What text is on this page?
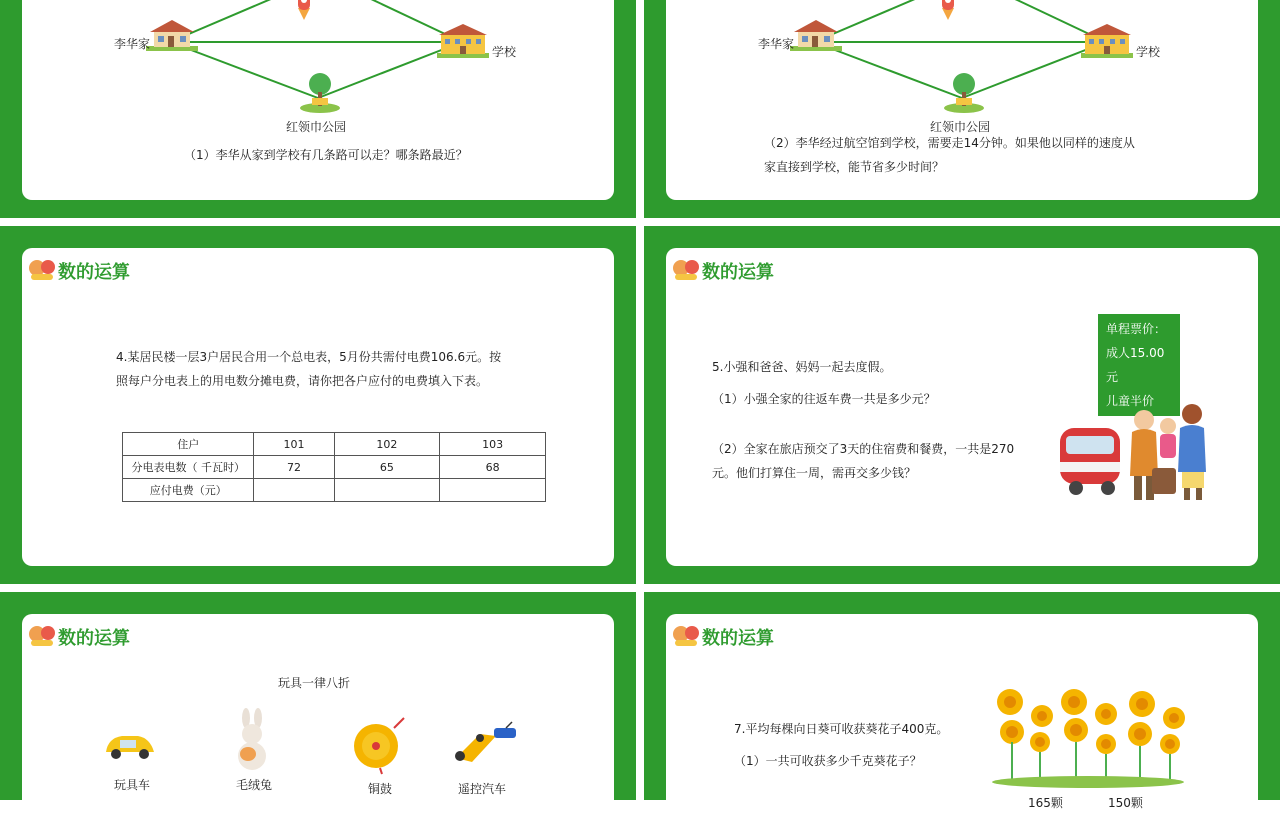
李华家
学校
红领巾公园
（1）李华从家到学校有几条路可以走？哪条路最近？
李华家
学校
红领巾公园
（2）李华经过航空馆到学校，需要走14分钟。如果他以同样的速度从
家直接到学校，能节省多少时间？
数的运算
4.某居民楼一层3户居民合用一个总电表，5月份共需付电费106.6元。按
照每户分电表上的用电数分摊电费，请你把各户应付的电费填入下表。
住户	101	102	103
分电表电数（ 千瓦时）	72	65	68
应付电费（元）			
数的运算
5.小强和爸爸、妈妈一起去度假。
（1）小强全家的往返车费一共是多少元？
（2）全家在旅店预交了3天的住宿费和餐费，一共是270
元。他们打算住一周，需再交多少钱？
单程票价：
成人15.00元
儿童半价
数的运算
玩具一律八折
玩具车	毛绒兔	铜鼓	遥控汽车
数的运算
7.平均每棵向日葵可收获葵花子400克。
（1）一共可收获多少千克葵花子？
165颗	150颗
